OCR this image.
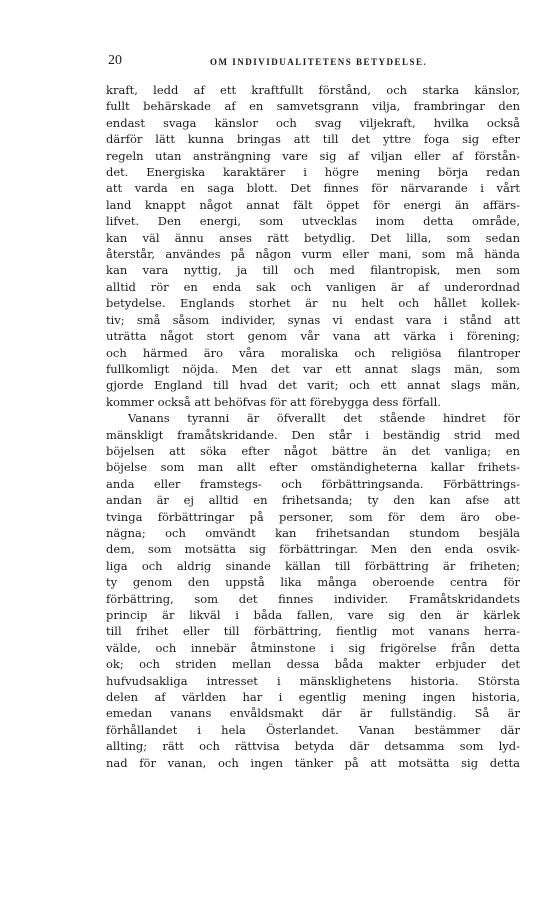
20	OM INDIVIDUALITETENS BETYDELSE.
kraft, ledd af ett kraftfullt förstånd, och starka känslor,
fullt behärskade af en samvetsgrann vilja, frambringar den
endast svaga känslor och svag viljekraft, hvilka också
därför lätt kunna bringas att till det yttre foga sig efter
regeln utan ansträngning vare sig af viljan eller af förstån-
det. Energiska karaktärer i högre mening börja redan
att varda en saga blott. Det finnes för närvarande i vårt
land knappt något annat fält öppet för energi än affärs-
lifvet. Den energi, som utvecklas inom detta område,
kan väl ännu anses rätt betydlig. Det lilla, som sedan
återstår, användes på någon vurm eller mani, som må hända
kan vara nyttig, ja till och med filantropisk, men som
alltid rör en enda sak och vanligen är af underordnad
betydelse. Englands storhet är nu helt och hållet kollek-
tiv; små såsom individer, synas vi endast vara i stånd att
uträtta något stort genom vår vana att värka i förening;
och härmed äro våra moraliska och religiösa filantroper
fullkomligt nöjda. Men det var ett annat slags män, som
gjorde England till hvad det varit; och ett annat slags män,
kommer också att behöfvas för att förebygga dess förfall.
Vanans tyranni är öfverallt det stående hindret för
mänskligt framåtskridande. Den står i beständig strid med
böjelsen att söka efter något bättre än det vanliga; en
böjelse som man allt efter omständigheterna kallar frihets-
anda eller framstegs- och förbättringsanda. Förbättrings-
andan är ej alltid en frihetsanda; ty den kan afse att
tvinga förbättringar på personer, som för dem äro obe-
nägna; och omvändt kan frihetsandan stundom besjäla
dem, som motsätta sig förbättringar. Men den enda osvik-
liga och aldrig sinande källan till förbättring är friheten;
ty genom den uppstå lika många oberoende centra för
förbättring, som det finnes individer. Framåtskridandets
princip är likväl i båda fallen, vare sig den är kärlek
till frihet eller till förbättring, fientlig mot vanans herra-
välde, och innebär åtminstone i sig frigörelse från detta
ok; och striden mellan dessa båda makter erbjuder det
hufvudsakliga intresset i mänsklighetens historia. Största
delen af världen har i egentlig mening ingen historia,
emedan vanans envåldsmakt där är fullständig. Så är
förhållandet i hela Österlandet. Vanan bestämmer där
allting; rätt och rättvisa betyda där detsamma som lyd-
nad för vanan, och ingen tänker på att motsätta sig detta
